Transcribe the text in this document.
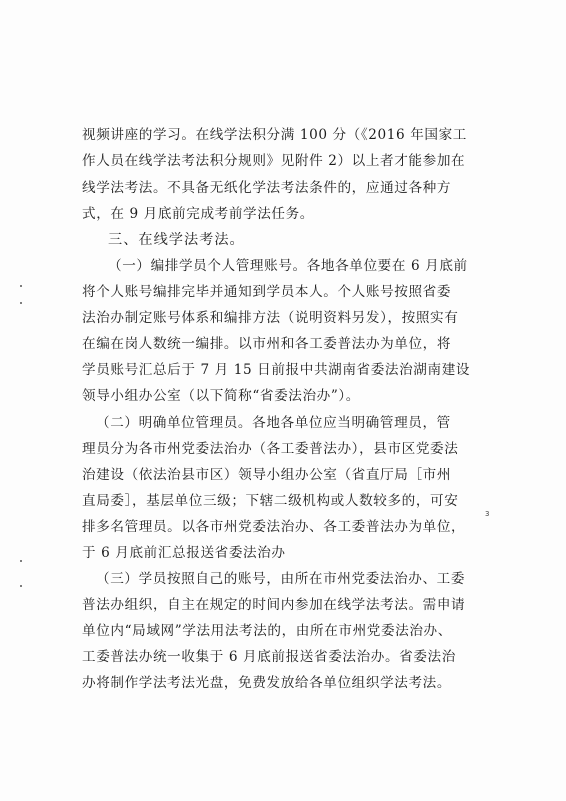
视频讲座的学习。在线学法积分满 100 分（《2016 年国家工
作人员在线学法考法积分规则》见附件 2）以上者才能参加在
线学法考法。不具备无纸化学法考法条件的，应通过各种方
式，在 9 月底前完成考前学法任务。
三、在线学法考法。
（一）编排学员个人管理账号。各地各单位要在 6 月底前
将个人账号编排完毕并通知到学员本人。个人账号按照省委
法治办制定账号体系和编排方法（说明资料另发），按照实有
在编在岗人数统一编排。以市州和各工委普法办为单位，将
学员账号汇总后于 7 月 15 日前报中共湖南省委法治湖南建设
领导小组办公室（以下简称“省委法治办”）。
（二）明确单位管理员。各地各单位应当明确管理员，管
理员分为各市州党委法治办（各工委普法办），县市区党委法
治建设（依法治县市区）领导小组办公室（省直厅局［市州
直局委］，基层单位三级；下辖二级机构或人数较多的，可安
排多名管理员。以各市州党委法治办、各工委普法办为单位，
于 6 月底前汇总报送省委法治办
（三）学员按照自己的账号，由所在市州党委法治办、工委
普法办组织，自主在规定的时间内参加在线学法考法。需申请
单位内“局域网”学法用法考法的，由所在市州党委法治办、
工委普法办统一收集于 6 月底前报送省委法治办。省委法治
办将制作学法考法光盘，免费发放给各单位组织学法考法。
3
